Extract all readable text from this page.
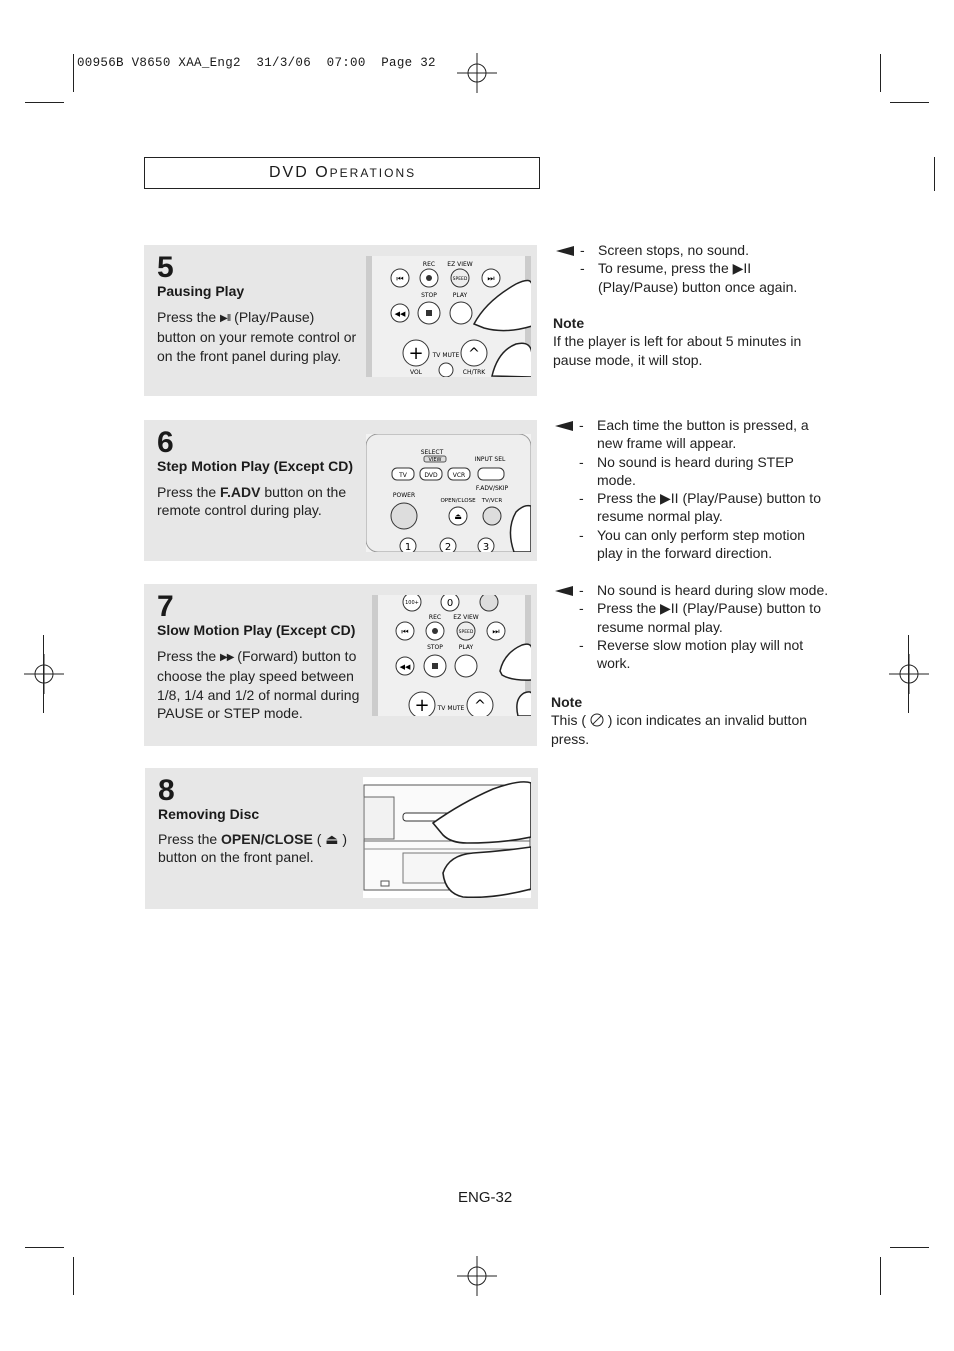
00956B V8650 XAA_Eng2  31/3/06  07:00  Page 32
DVD OPERATIONS
5
Pausing Play
Press the ▶II (Play/Pause) button on your remote control or on the front panel during play.
⏮	⏭
REC EZ VIEW
SPEED
STOP	PLAY
◀◀
+ TV MUTE ^
VOL	CH/TRK
6
Step Motion Play (Except CD)
Press the F.ADV button on the remote control during play.
SELECT
VIEW	INPUT SEL
TV	DVD	VCR
F.ADV/SKIP
POWER
OPEN/CLOSE TV/VCR
⏏
1	2	3
7
Slow Motion Play (Except CD)
Press the ▶▶ (Forward) button to choose the play speed between 1/8, 1/4 and 1/2 of normal during PAUSE or STEP mode.
100+	0
REC EZ VIEW
⏮	SPEED ⏭
STOP	PLAY
◀◀
+ TV MUTE ^
8
Removing Disc
Press the OPEN/CLOSE ( ⏏ ) button on the front panel.
- Screen stops, no sound.
- To resume, press the ▶II (Play/Pause) button once again.
Note
If the player is left for about 5 minutes in pause mode, it will stop.
- Each time the button is pressed, a new frame will appear.
- No sound is heard during STEP mode.
- Press the ▶II (Play/Pause) button to resume normal play.
- You can only perform step motion play in the forward direction.
- No sound is heard during slow mode.
- Press the ▶II (Play/Pause) button to resume normal play.
- Reverse slow motion play will not work.
Note
This (  ) icon indicates an invalid button press.
ENG-32
